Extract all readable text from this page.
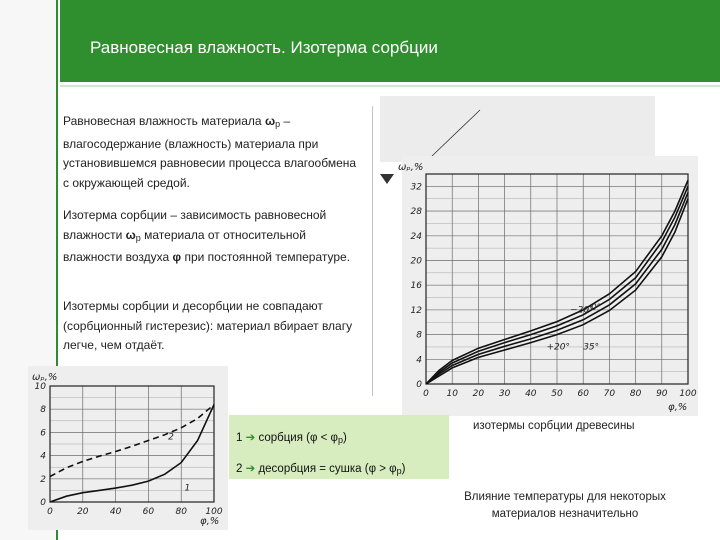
Равновесная влажность. Изотерма сорбции
Равновесная влажность материала $\omega_р$ – влагосодержание (влажность) материала при установившемся равновесии процесса влагообмена с окружающей средой.
Изотерма сорбции – зависимость равновесной влажности $\omega_р$ материала от относительной влажности воздуха φ при постоянной температуре.
Изотермы сорбции и десорбции не совпадают (сорбционный гистерезис): материал вбирает влагу легче, чем отдаёт.
0 10 20 30 40 50 60 70 80 90 100
0
4
8
12
16
20
24
28
32
ωₚ,%
φ,%
−20°
0°
+20° 35°
0	20 40 60 80 100
0
2
4
6
8
10
ωₚ,%
φ,%
1
2	1 ➔ сорбция $(\varphi < \varphi_р)$
2 ➔ десорбция = сушка $(\varphi > \varphi_р)$
изотермы сорбции древесины
Влияние температуры для некоторых материалов незначительно
